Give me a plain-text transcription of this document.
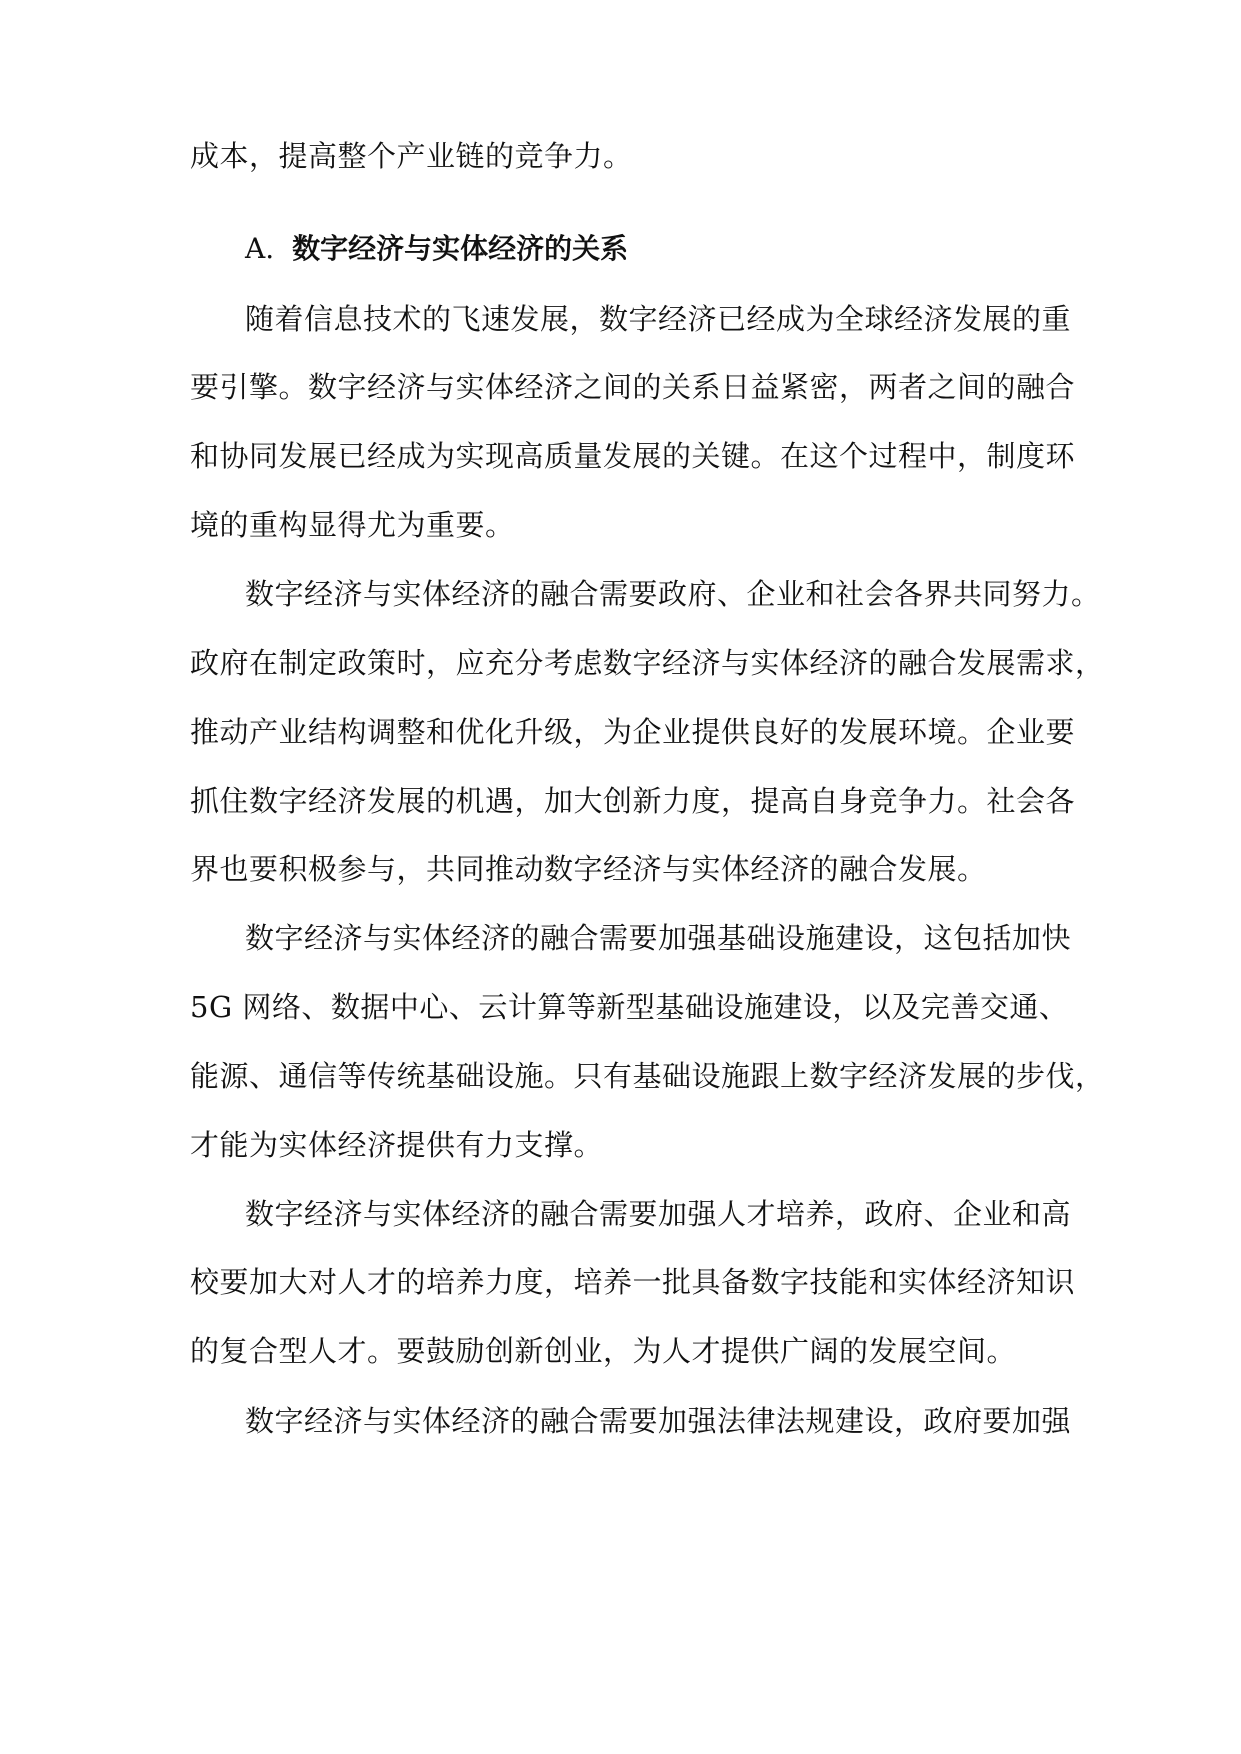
成本，提高整个产业链的竞争力。
A. 数字经济与实体经济的关系
随着信息技术的飞速发展，数字经济已经成为全球经济发展的重
要引擎。数字经济与实体经济之间的关系日益紧密，两者之间的融合
和协同发展已经成为实现高质量发展的关键。在这个过程中，制度环
境的重构显得尤为重要。
数字经济与实体经济的融合需要政府、企业和社会各界共同努力。
政府在制定政策时，应充分考虑数字经济与实体经济的融合发展需求，
推动产业结构调整和优化升级，为企业提供良好的发展环境。企业要
抓住数字经济发展的机遇，加大创新力度，提高自身竞争力。社会各
界也要积极参与，共同推动数字经济与实体经济的融合发展。
数字经济与实体经济的融合需要加强基础设施建设，这包括加快
5G 网络、数据中心、云计算等新型基础设施建设，以及完善交通、
能源、通信等传统基础设施。只有基础设施跟上数字经济发展的步伐，
才能为实体经济提供有力支撑。
数字经济与实体经济的融合需要加强人才培养，政府、企业和高
校要加大对人才的培养力度，培养一批具备数字技能和实体经济知识
的复合型人才。要鼓励创新创业，为人才提供广阔的发展空间。
数字经济与实体经济的融合需要加强法律法规建设，政府要加强
